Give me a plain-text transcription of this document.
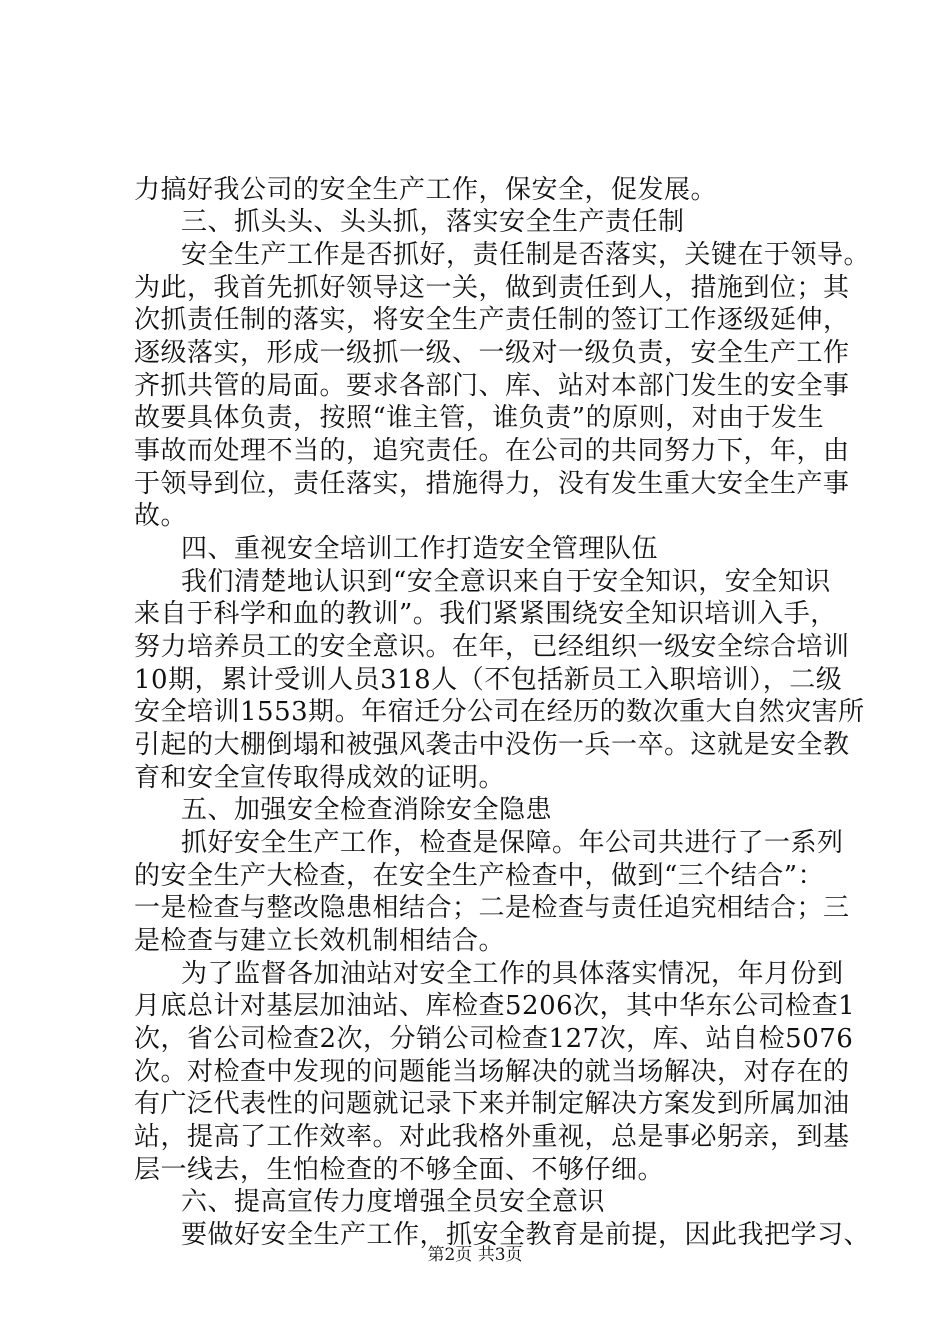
力搞好我公司的安全生产工作，保安全，促发展。
三、抓头头、头头抓，落实安全生产责任制
安全生产工作是否抓好，责任制是否落实，关键在于领导。
为此，我首先抓好领导这一关，做到责任到人，措施到位；其
次抓责任制的落实，将安全生产责任制的签订工作逐级延伸，
逐级落实，形成一级抓一级、一级对一级负责，安全生产工作
齐抓共管的局面。要求各部门、库、站对本部门发生的安全事
故要具体负责，按照“谁主管，谁负责”的原则，对由于发生
事故而处理不当的，追究责任。在公司的共同努力下，年，由
于领导到位，责任落实，措施得力，没有发生重大安全生产事
故。
四、重视安全培训工作打造安全管理队伍
我们清楚地认识到“安全意识来自于安全知识，安全知识
来自于科学和血的教训”。我们紧紧围绕安全知识培训入手，
努力培养员工的安全意识。在年，已经组织一级安全综合培训
10期，累计受训人员318人（不包括新员工入职培训），二级
安全培训1553期。年宿迁分公司在经历的数次重大自然灾害所
引起的大棚倒塌和被强风袭击中没伤一兵一卒。这就是安全教
育和安全宣传取得成效的证明。
五、加强安全检查消除安全隐患
抓好安全生产工作，检查是保障。年公司共进行了一系列
的安全生产大检查，在安全生产检查中，做到“三个结合”：
一是检查与整改隐患相结合；二是检查与责任追究相结合；三
是检查与建立长效机制相结合。
为了监督各加油站对安全工作的具体落实情况，年月份到
月底总计对基层加油站、库检查5206次，其中华东公司检查1
次，省公司检查2次，分销公司检查127次，库、站自检5076
次。对检查中发现的问题能当场解决的就当场解决，对存在的
有广泛代表性的问题就记录下来并制定解决方案发到所属加油
站，提高了工作效率。对此我格外重视，总是事必躬亲，到基
层一线去，生怕检查的不够全面、不够仔细。
六、提高宣传力度增强全员安全意识
要做好安全生产工作，抓安全教育是前提，因此我把学习、
第2页 共3页
